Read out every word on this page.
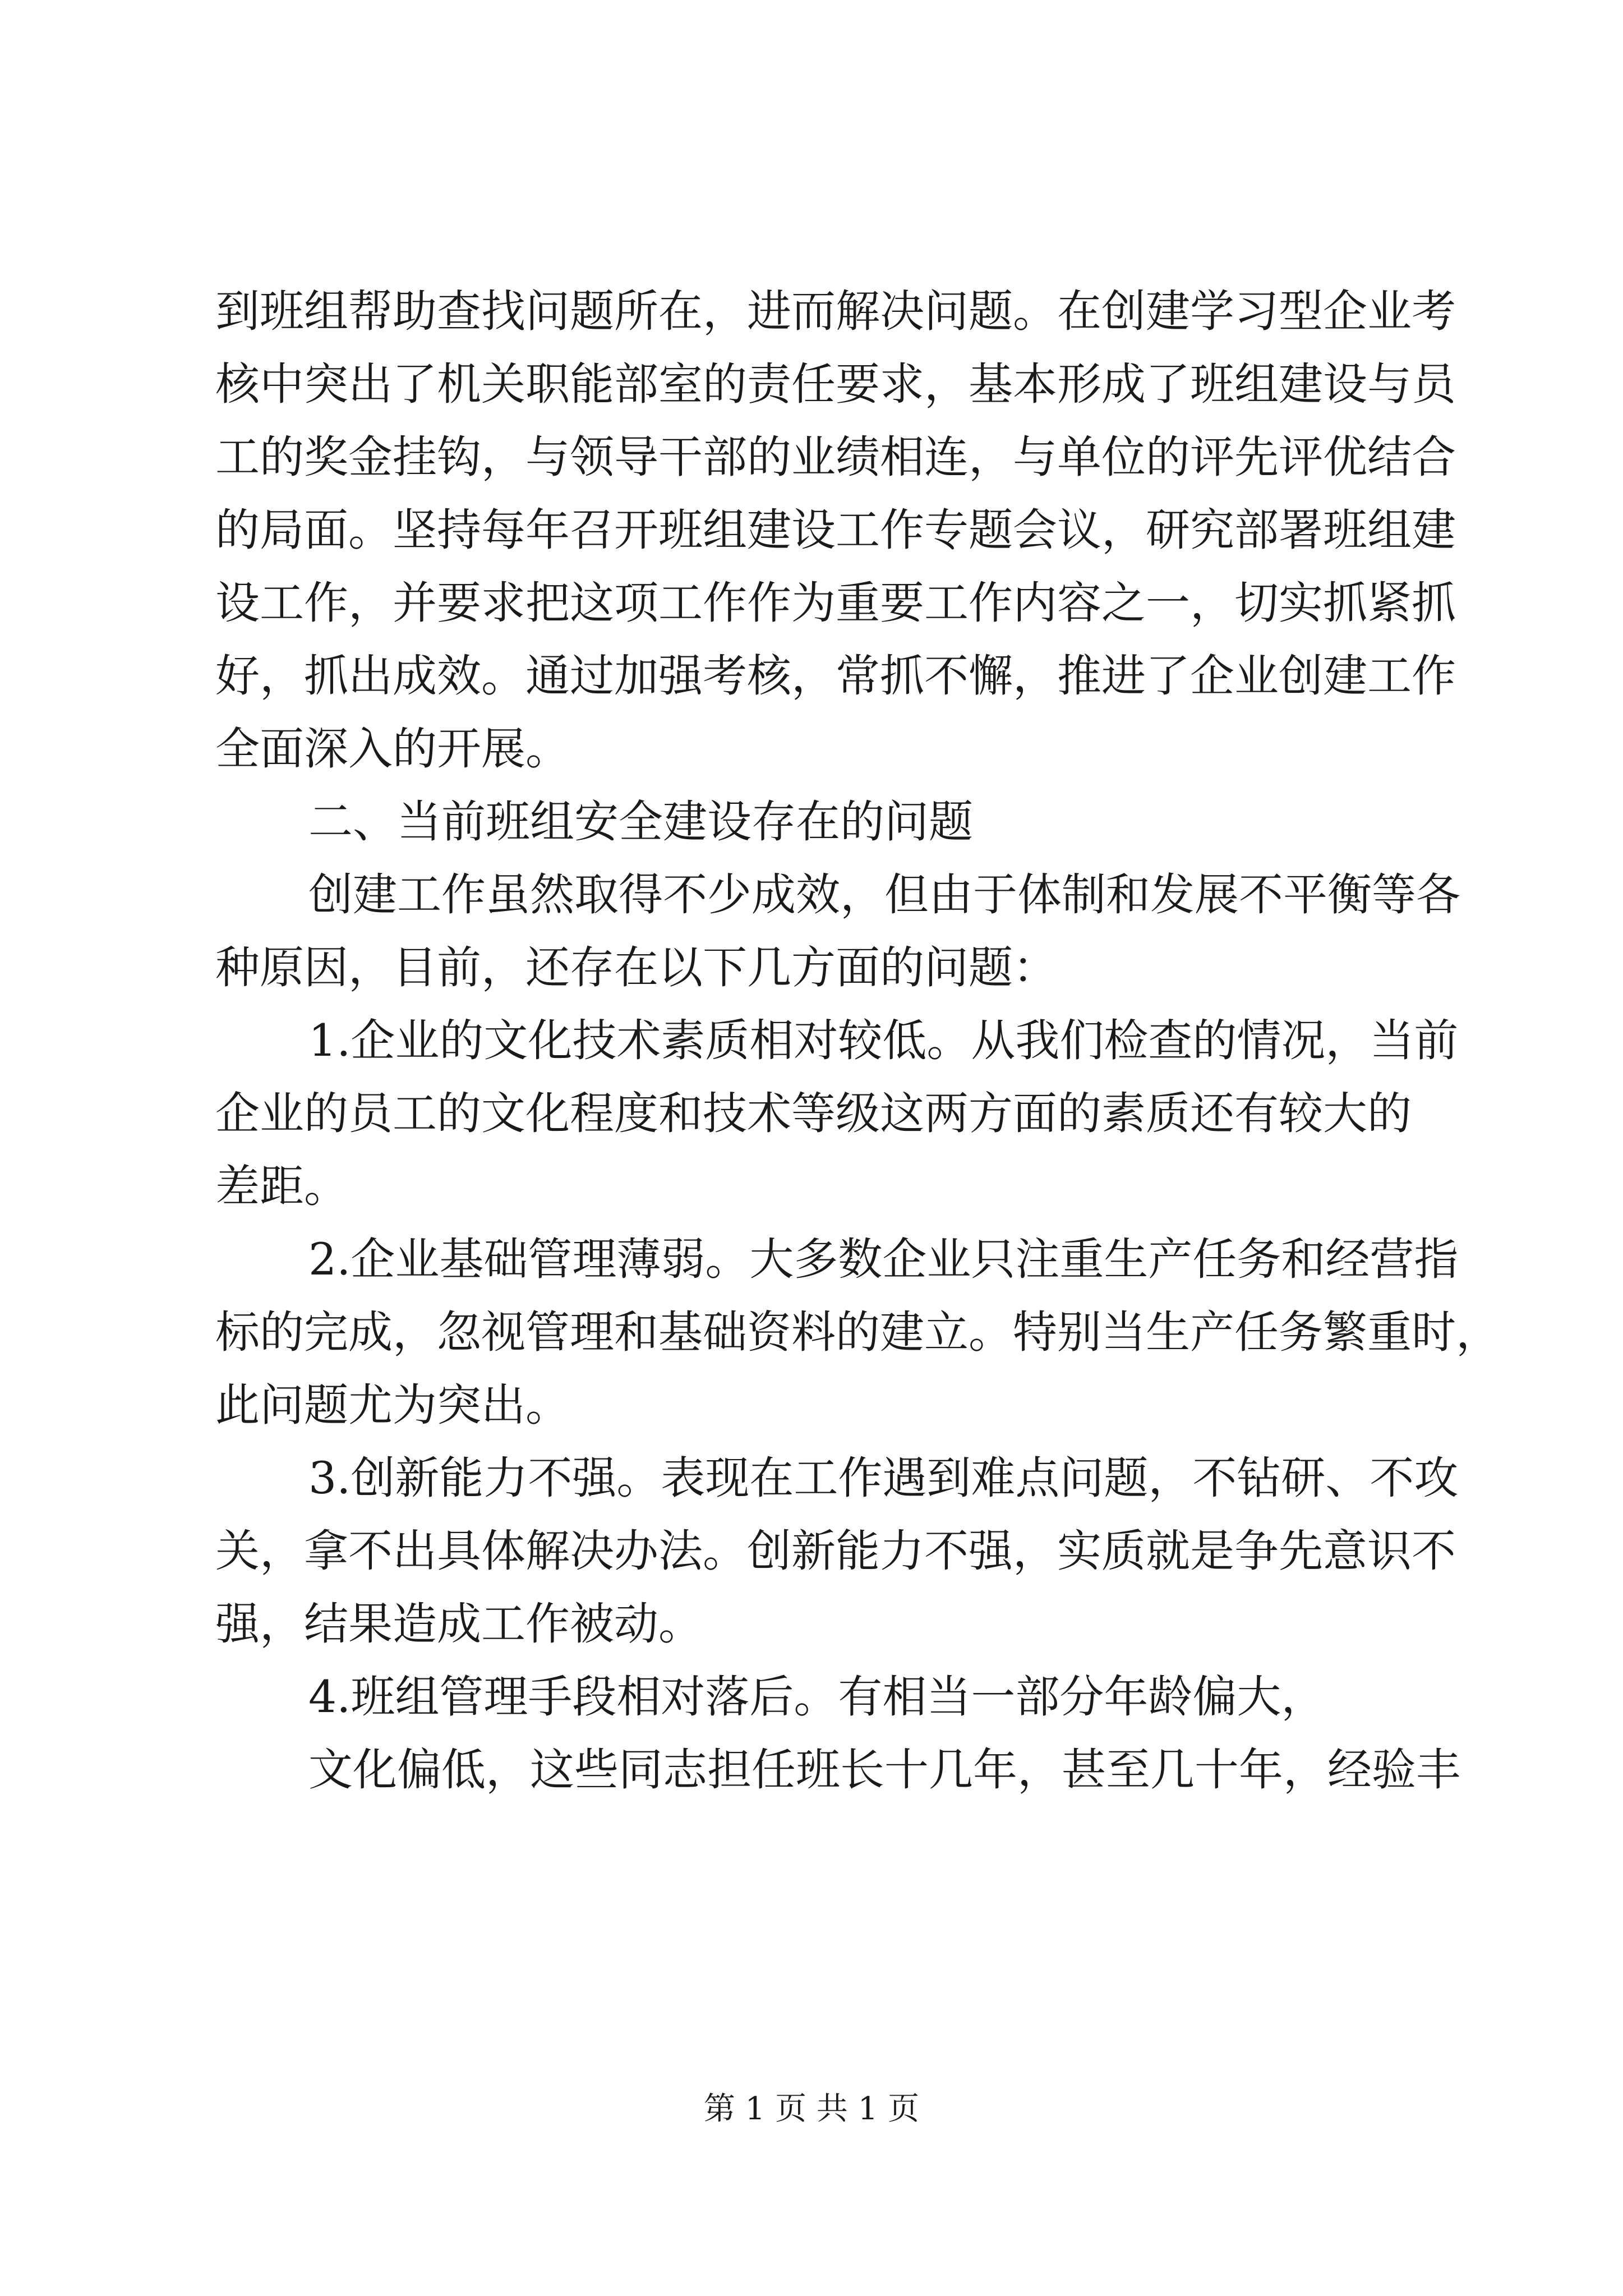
到班组帮助查找问题所在，进而解决问题。在创建学习型企业考
核中突出了机关职能部室的责任要求，基本形成了班组建设与员
工的奖金挂钩，与领导干部的业绩相连，与单位的评先评优结合
的局面。坚持每年召开班组建设工作专题会议，研究部署班组建
设工作，并要求把这项工作作为重要工作内容之一，切实抓紧抓
好，抓出成效。通过加强考核，常抓不懈，推进了企业创建工作
全面深入的开展。
二、当前班组安全建设存在的问题
创建工作虽然取得不少成效，但由于体制和发展不平衡等各
种原因，目前，还存在以下几方面的问题：
1.企业的文化技术素质相对较低。从我们检查的情况，当前
企业的员工的文化程度和技术等级这两方面的素质还有较大的
差距。
2.企业基础管理薄弱。大多数企业只注重生产任务和经营指
标的完成，忽视管理和基础资料的建立。特别当生产任务繁重时，
此问题尤为突出。
3.创新能力不强。表现在工作遇到难点问题，不钻研、不攻
关，拿不出具体解决办法。创新能力不强，实质就是争先意识不
强，结果造成工作被动。
4.班组管理手段相对落后。有相当一部分年龄偏大，
文化偏低，这些同志担任班长十几年，甚至几十年，经验丰
第 1 页 共 1 页
